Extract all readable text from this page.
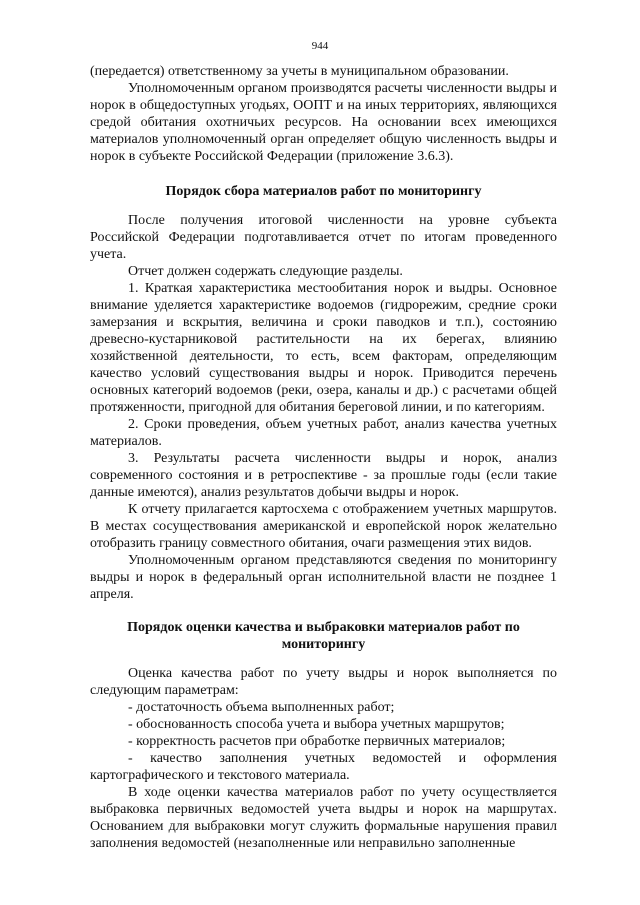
944

(передается) ответственному за учеты в муниципальном образовании.

Уполномоченным органом производятся расчеты численности выдры и норок в общедоступных угодьях, ООПТ и на иных территориях, являющихся средой обитания охотничьих ресурсов. На основании всех имеющихся материалов уполномоченный орган определяет общую численность выдры и норок в субъекте Российской Федерации (приложение 3.6.3).

Порядок сбора материалов работ по мониторингу

После получения итоговой численности на уровне субъекта Российской Федерации подготавливается отчет по итогам проведенного учета.

Отчет должен содержать следующие разделы.

1. Краткая характеристика местообитания норок и выдры. Основное внимание уделяется характеристике водоемов (гидрорежим, средние сроки замерзания и вскрытия, величина и сроки паводков и т.п.), состоянию древесно-кустарниковой растительности на их берегах, влиянию хозяйственной деятельности, то есть, всем факторам, определяющим качество условий существования выдры и норок. Приводится перечень основных категорий водоемов (реки, озера, каналы и др.) с расчетами общей протяженности, пригодной для обитания береговой линии, и по категориям.

2. Сроки проведения, объем учетных работ, анализ качества учетных материалов.

3. Результаты расчета численности выдры и норок, анализ современного состояния и в ретроспективе - за прошлые годы (если такие данные имеются), анализ результатов добычи выдры и норок.

К отчету прилагается картосхема с отображением учетных маршрутов. В местах сосуществования американской и европейской норок желательно отобразить границу совместного обитания, очаги размещения этих видов.

Уполномоченным органом представляются сведения по мониторингу выдры и норок в федеральный орган исполнительной власти не позднее 1 апреля.

Порядок оценки качества и выбраковки материалов работ по мониторингу

Оценка качества работ по учету выдры и норок выполняется по следующим параметрам:

- достаточность объема выполненных работ;

- обоснованность способа учета и выбора учетных маршрутов;

- корректность расчетов при обработке первичных материалов;

- качество заполнения учетных ведомостей и оформления картографического и текстового материала.

В ходе оценки качества материалов работ по учету осуществляется выбраковка первичных ведомостей учета выдры и норок на маршрутах. Основанием для выбраковки могут служить формальные нарушения правил заполнения ведомостей (незаполненные или неправильно заполненные
